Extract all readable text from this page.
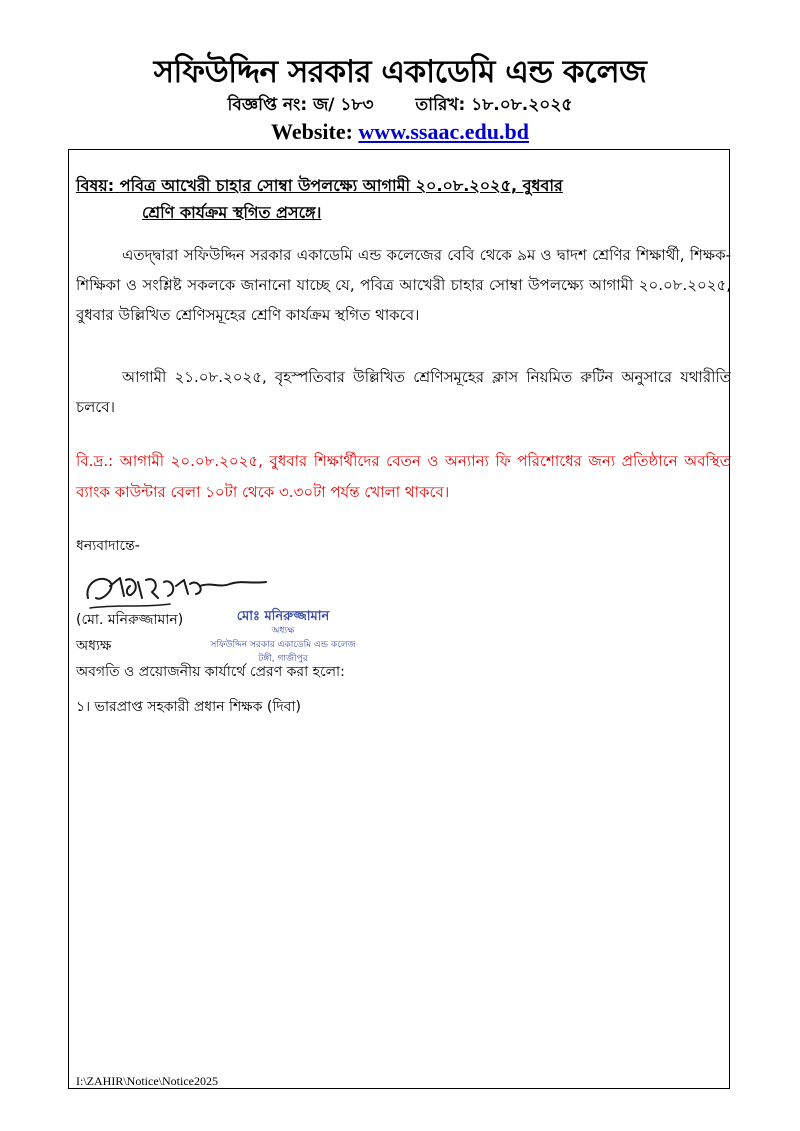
সফিউদ্দিন সরকার একাডেমি এন্ড কলেজ
বিজ্ঞপ্তি নং: জ/ ১৮৩ তারিখ: ১৮.০৮.২০২৫
Website: www.ssaac.edu.bd
বিষয়: পবিত্র আখেরী চাহার সোম্বা উপলক্ষ্যে আগামী ২০.০৮.২০২৫, বুধবার
শ্রেণি কার্যক্রম স্থগিত প্রসঙ্গে।
এতদ্দ্বারা সফিউদ্দিন সরকার একাডেমি এন্ড কলেজের বেবি থেকে ৯ম ও দ্বাদশ শ্রেণির শিক্ষার্থী, শিক্ষক-শিক্ষিকা ও সংশ্লিষ্ট সকলকে জানানো যাচ্ছে যে, পবিত্র আখেরী চাহার সোম্বা উপলক্ষ্যে আগামী ২০.০৮.২০২৫, বুধবার উল্লিখিত শ্রেণিসমূহের শ্রেণি কার্যক্রম স্থগিত থাকবে।
আগামী ২১.০৮.২০২৫, বৃহস্পতিবার উল্লিখিত শ্রেণিসমূহের ক্লাস নিয়মিত রুটিন অনুসারে যথারীতি চলবে।
বি.দ্র.: আগামী ২০.০৮.২০২৫, বুধবার শিক্ষার্থীদের বেতন ও অন্যান্য ফি পরিশোধের জন্য প্রতিষ্ঠানে অবস্থিত ব্যাংক কাউন্টার বেলা ১০টা থেকে ৩.৩০টা পর্যন্ত খোলা থাকবে।
ধন্যবাদান্তে-
(মো. মনিরুজ্জামান)	মোঃ মনিরুজ্জামান
অধ্যক্ষ
সফিউদ্দিন সরকার একাডেমি এন্ড কলেজ
টঙ্গী, গাজীপুর
অধ্যক্ষ
অবগতি ও প্রয়োজনীয় কার্যার্থে প্রেরণ করা হলো:
১। ভারপ্রাপ্ত সহকারী প্রধান শিক্ষক (দিবা)
I:\ZAHIR\Notice\Notice2025
